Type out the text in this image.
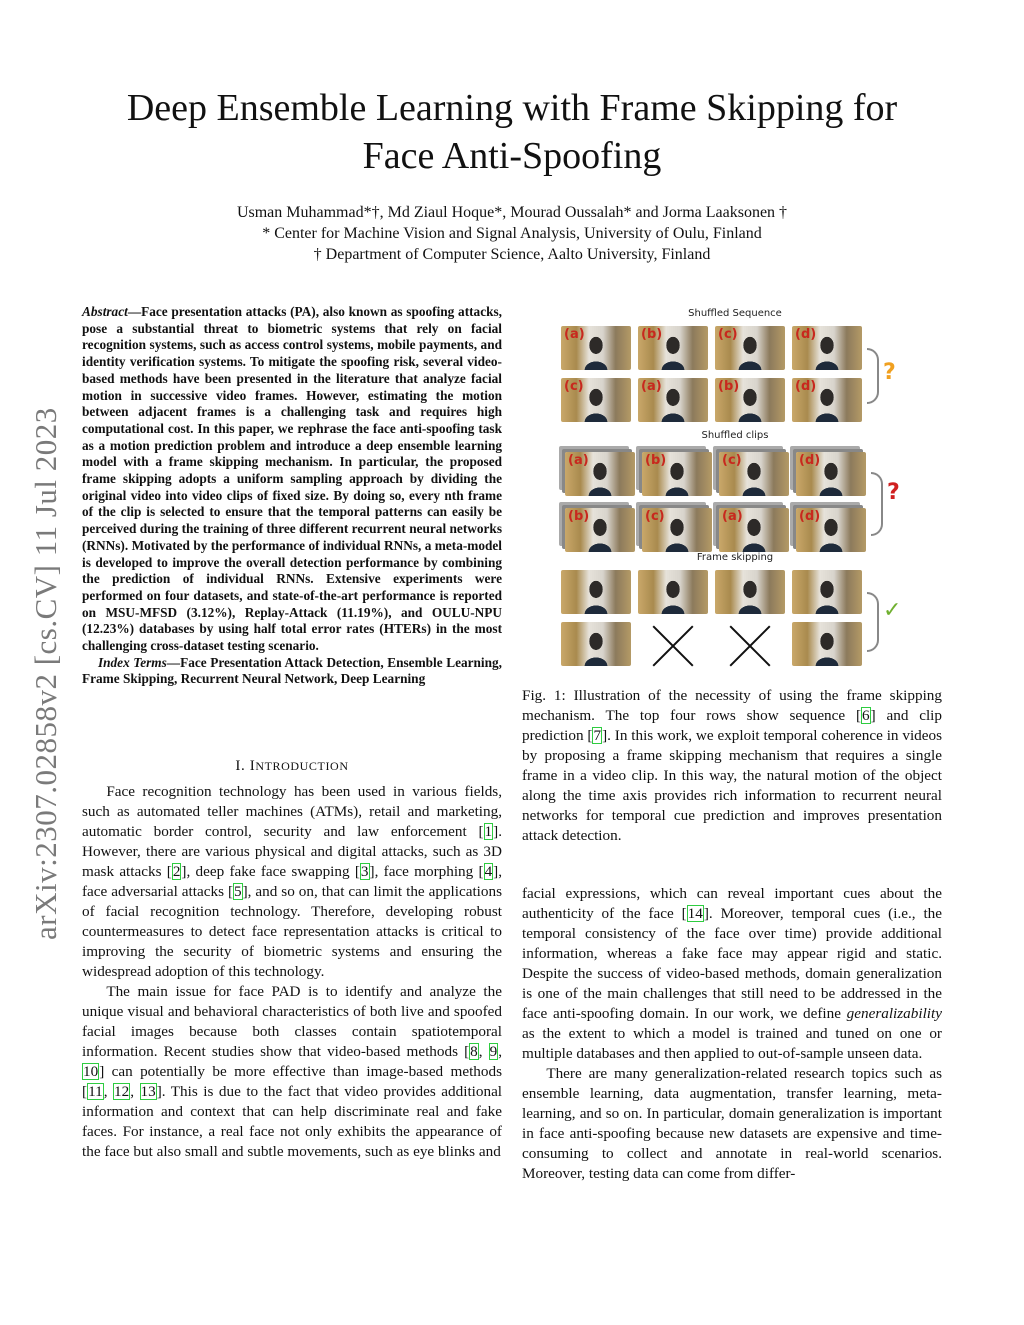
arXiv:2307.02858v2 [cs.CV] 11 Jul 2023
Deep Ensemble Learning with Frame Skipping for
Face Anti-Spoofing
Usman Muhammad*†, Md Ziaul Hoque*, Mourad Oussalah* and Jorma Laaksonen †
* Center for Machine Vision and Signal Analysis, University of Oulu, Finland
† Department of Computer Science, Aalto University, Finland
Abstract—Face presentation attacks (PA), also known as spoofing attacks, pose a substantial threat to biometric systems that rely on facial recognition systems, such as access control systems, mobile payments, and identity verification systems. To mitigate the spoofing risk, several video-based methods have been presented in the literature that analyze facial motion in successive video frames. However, estimating the motion between adjacent frames is a challenging task and requires high computational cost. In this paper, we rephrase the face anti-spoofing task as a motion prediction problem and introduce a deep ensemble learning model with a frame skipping mechanism. In particular, the proposed frame skipping adopts a uniform sampling approach by dividing the original video into video clips of fixed size. By doing so, every nth frame of the clip is selected to ensure that the temporal patterns can easily be perceived during the training of three different recurrent neural networks (RNNs). Motivated by the performance of individual RNNs, a meta-model is developed to improve the overall detection performance by combining the prediction of individual RNNs. Extensive experiments were performed on four datasets, and state-of-the-art performance is reported on MSU-MFSD (3.12%), Replay-Attack (11.19%), and OULU-NPU (12.23%) databases by using half total error rates (HTERs) in the most challenging cross-dataset testing scenario.
Index Terms—Face Presentation Attack Detection, Ensemble Learning, Frame Skipping, Recurrent Neural Network, Deep Learning
I. INTRODUCTION

Face recognition technology has been used in various fields, such as automated teller machines (ATMs), retail and marketing, automatic border control, security and law enforcement [1]. However, there are various physical and digital attacks, such as 3D mask attacks [2], deep fake face swapping [3], face morphing [4], face adversarial attacks [5], and so on, that can limit the applications of facial recognition technology. Therefore, developing robust countermeasures to detect face representation attacks is critical to improving the security of biometric systems and ensuring the widespread adoption of this technology.

The main issue for face PAD is to identify and analyze the unique visual and behavioral characteristics of both live and spoofed facial images because both classes contain spatiotemporal information. Recent studies show that video-based methods [8, 9, 10] can potentially be more effective than image-based methods [11, 12, 13]. This is due to the fact that video provides additional information and context that can help discriminate real and fake faces. For instance, a real face not only exhibits the appearance of the face but also small and subtle movements, such as eye blinks and

Shuffled Sequence
(a)	(b)	(c)	(d)
(c)	(a)	(b)	(d)
?
Shuffled clips
(a)	(b)	(c)	(d)
(b)	(c)	(a)	(d)
?
Frame skipping
✓
Fig. 1: Illustration of the necessity of using the frame skipping mechanism. The top four rows show sequence [6] and clip prediction [7]. In this work, we exploit temporal coherence in videos by proposing a frame skipping mechanism that requires a single frame in a video clip. In this way, the natural motion of the object along the time axis provides rich information to recurrent neural networks for temporal cue prediction and improves presentation attack detection.

facial expressions, which can reveal important cues about the authenticity of the face [14]. Moreover, temporal cues (i.e., the temporal consistency of the face over time) provide additional information, whereas a fake face may appear rigid and static. Despite the success of video-based methods, domain generalization is one of the main challenges that still need to be addressed in the face anti-spoofing domain. In our work, we define generalizability as the extent to which a model is trained and tuned on one or multiple databases and then applied to out-of-sample unseen data.

There are many generalization-related research topics such as ensemble learning, data augmentation, transfer learning, meta-learning, and so on. In particular, domain generalization is important in face anti-spoofing because new datasets are expensive and time-consuming to collect and annotate in real-world scenarios. Moreover, testing data can come from differ-
